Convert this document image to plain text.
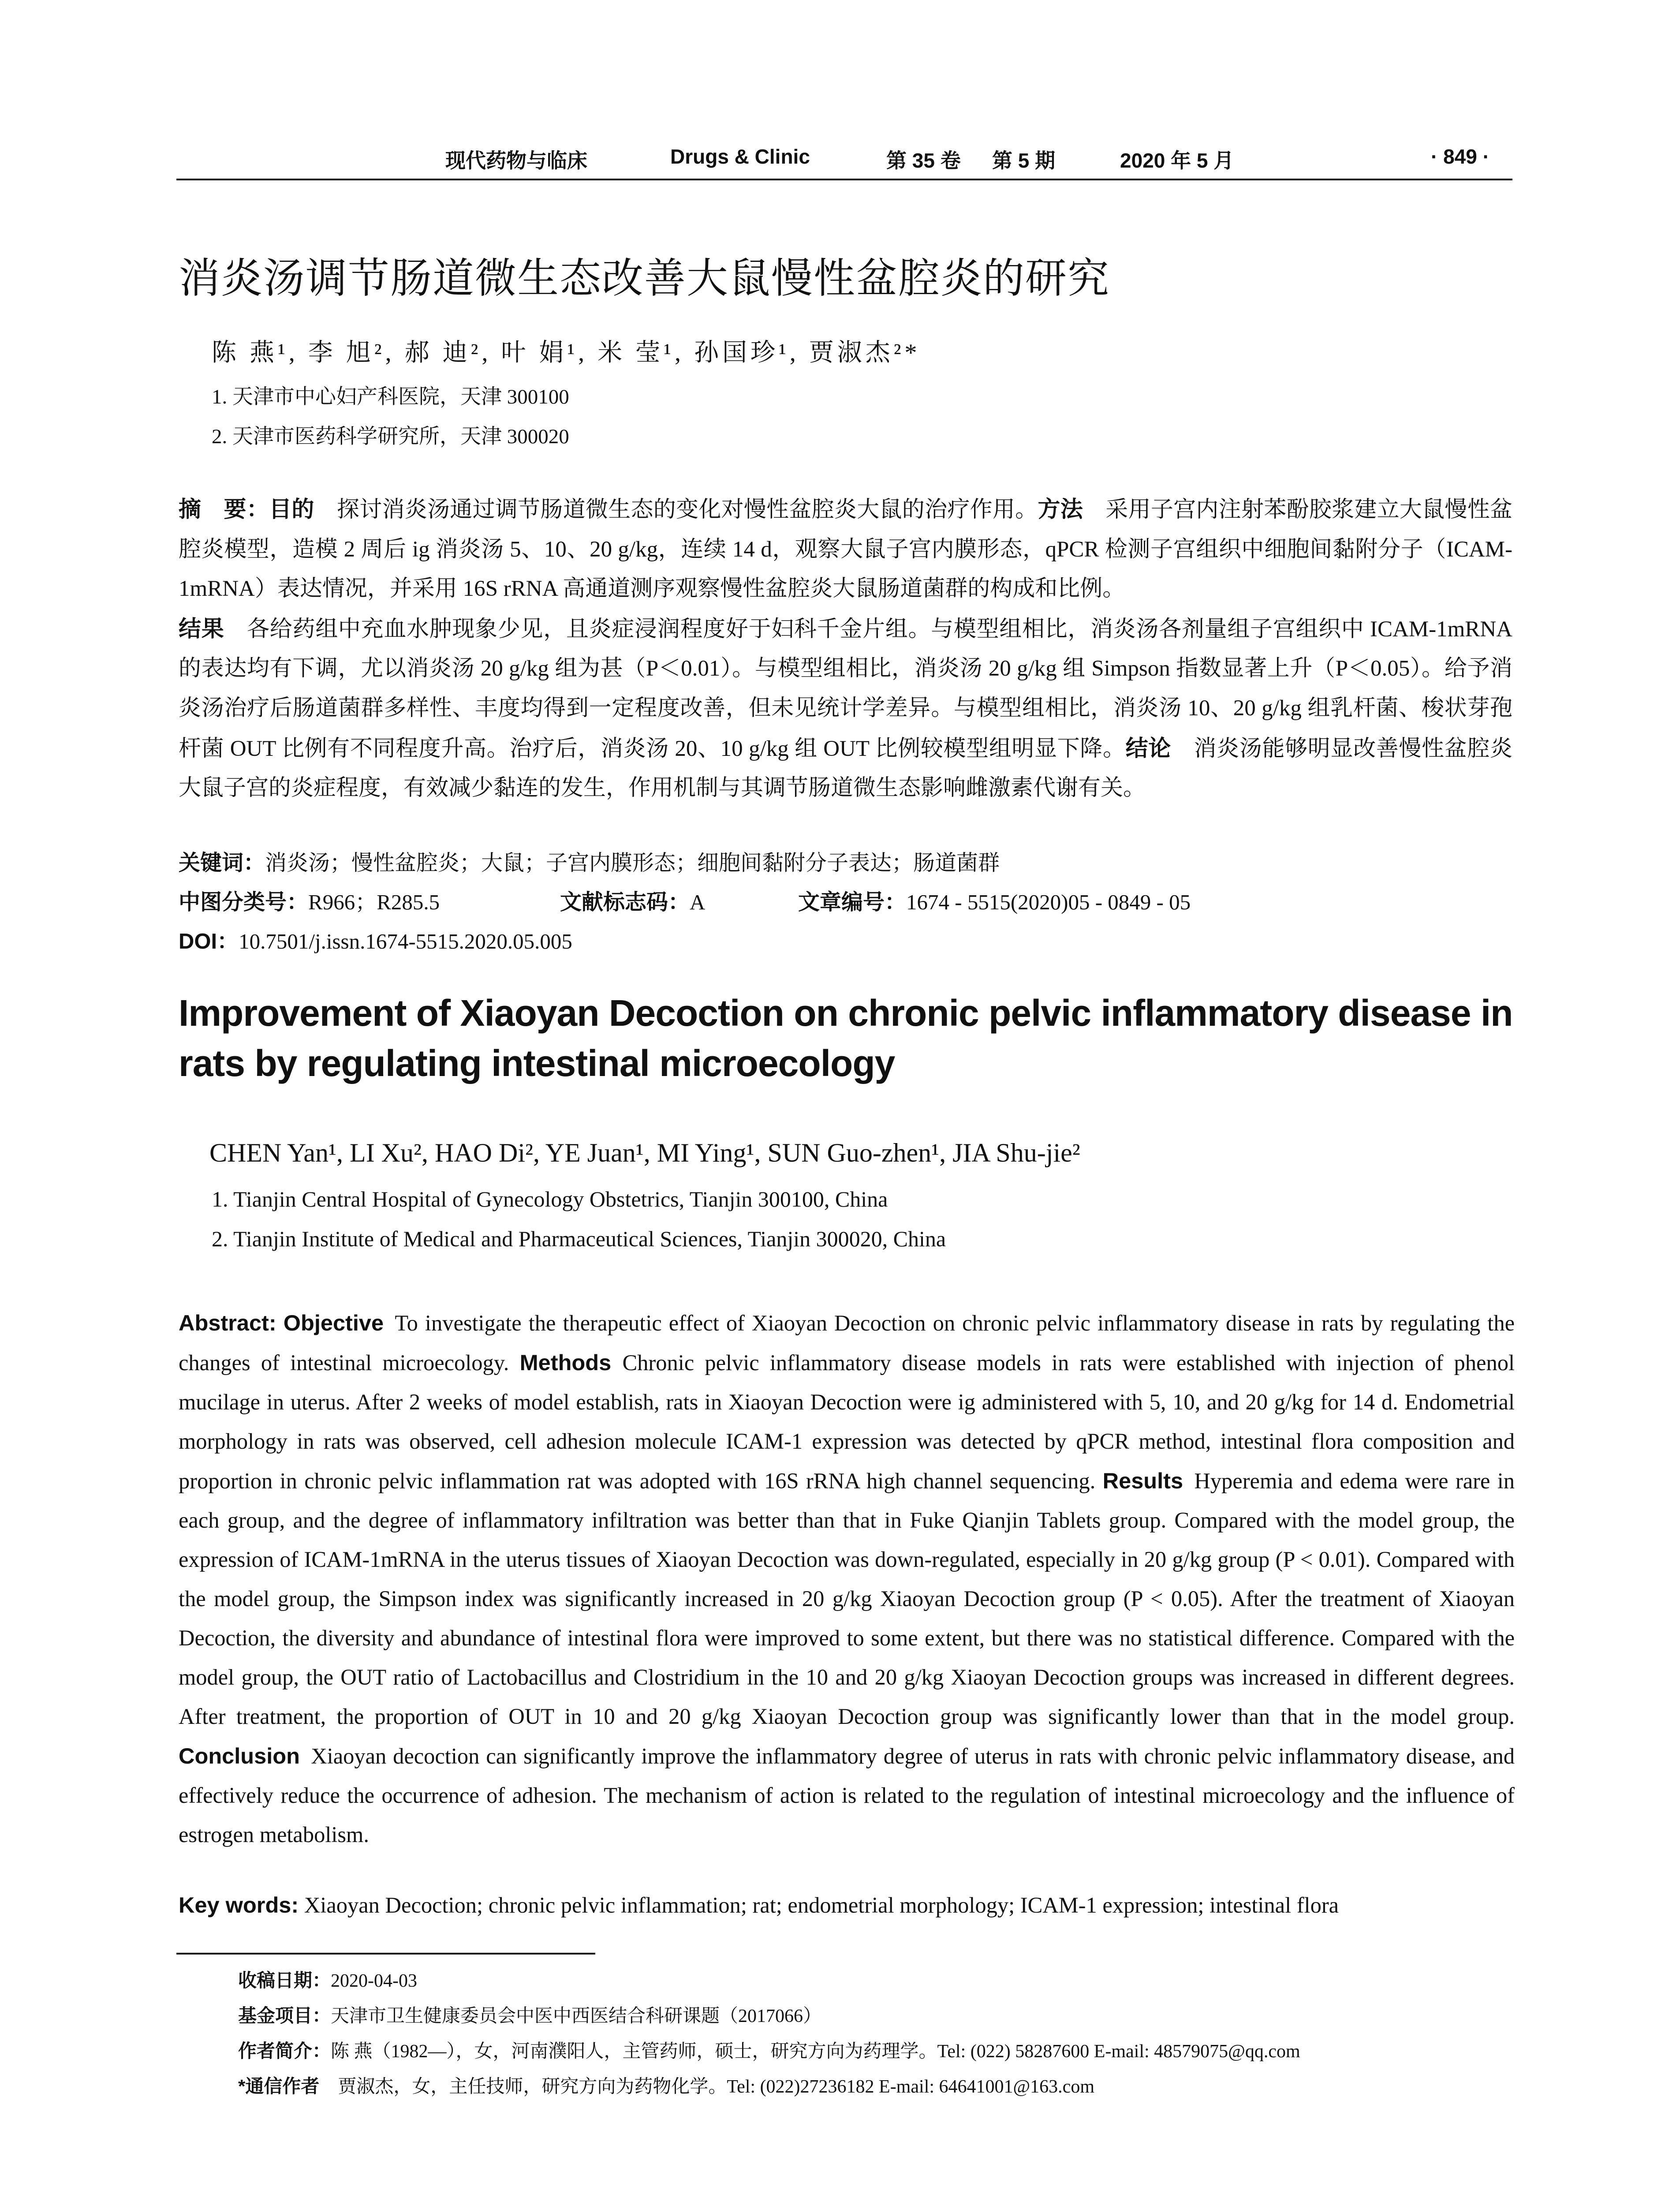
现代药物与临床	Drugs & Clinic	第 35 卷 第 5 期	2020 年 5 月	· 849 ·
消炎汤调节肠道微生态改善大鼠慢性盆腔炎的研究
陈 燕¹, 李 旭², 郝 迪², 叶 娟¹, 米 莹¹, 孙国珍¹, 贾淑杰²*
1. 天津市中心妇产科医院，天津 300100
2. 天津市医药科学研究所，天津 300020
摘　要：目的  探讨消炎汤通过调节肠道微生态的变化对慢性盆腔炎大鼠的治疗作用。方法  采用子宫内注射苯酚胶浆建立大鼠慢性盆腔炎模型，造模 2 周后 ig 消炎汤 5、10、20 g/kg，连续 14 d，观察大鼠子宫内膜形态，qPCR 检测子宫组织中细胞间黏附分子（ICAM-1mRNA）表达情况，并采用 16S rRNA 高通道测序观察慢性盆腔炎大鼠肠道菌群的构成和比例。
结果  各给药组中充血水肿现象少见，且炎症浸润程度好于妇科千金片组。与模型组相比，消炎汤各剂量组子宫组织中 ICAM-1mRNA 的表达均有下调，尤以消炎汤 20 g/kg 组为甚（P＜0.01）。与模型组相比，消炎汤 20 g/kg 组 Simpson 指数显著上升（P＜0.05）。给予消炎汤治疗后肠道菌群多样性、丰度均得到一定程度改善，但未见统计学差异。与模型组相比，消炎汤 10、20 g/kg 组乳杆菌、梭状芽孢杆菌 OUT 比例有不同程度升高。治疗后，消炎汤 20、10 g/kg 组 OUT 比例较模型组明显下降。结论  消炎汤能够明显改善慢性盆腔炎大鼠子宫的炎症程度，有效减少黏连的发生，作用机制与其调节肠道微生态影响雌激素代谢有关。
关键词：消炎汤；慢性盆腔炎；大鼠；子宫内膜形态；细胞间黏附分子表达；肠道菌群
中图分类号：R966；R285.5	文献标志码：A	文章编号：1674 - 5515(2020)05 - 0849 - 05
DOI：10.7501/j.issn.1674-5515.2020.05.005
Improvement of Xiaoyan Decoction on chronic pelvic inflammatory disease in rats by regulating intestinal microecology
CHEN Yan¹, LI Xu², HAO Di², YE Juan¹, MI Ying¹, SUN Guo-zhen¹, JIA Shu-jie²
1. Tianjin Central Hospital of Gynecology Obstetrics, Tianjin 300100, China
2. Tianjin Institute of Medical and Pharmaceutical Sciences, Tianjin 300020, China
Abstract: Objective  To investigate the therapeutic effect of Xiaoyan Decoction on chronic pelvic inflammatory disease in rats by regulating the changes of intestinal microecology. Methods  Chronic pelvic inflammatory disease models in rats were established with injection of phenol mucilage in uterus. After 2 weeks of model establish, rats in Xiaoyan Decoction were ig administered with 5, 10, and 20 g/kg for 14 d. Endometrial morphology in rats was observed, cell adhesion molecule ICAM-1 expression was detected by qPCR method, intestinal flora composition and proportion in chronic pelvic inflammation rat was adopted with 16S rRNA high channel sequencing. Results  Hyperemia and edema were rare in each group, and the degree of inflammatory infiltration was better than that in Fuke Qianjin Tablets group. Compared with the model group, the expression of ICAM-1mRNA in the uterus tissues of Xiaoyan Decoction was down-regulated, especially in 20 g/kg group (P < 0.01). Compared with the model group, the Simpson index was significantly increased in 20 g/kg Xiaoyan Decoction group (P < 0.05). After the treatment of Xiaoyan Decoction, the diversity and abundance of intestinal flora were improved to some extent, but there was no statistical difference. Compared with the model group, the OUT ratio of Lactobacillus and Clostridium in the 10 and 20 g/kg Xiaoyan Decoction groups was increased in different degrees. After treatment, the proportion of OUT in 10 and 20 g/kg Xiaoyan Decoction group was significantly lower than that in the model group. Conclusion  Xiaoyan decoction can significantly improve the inflammatory degree of uterus in rats with chronic pelvic inflammatory disease, and effectively reduce the occurrence of adhesion. The mechanism of action is related to the regulation of intestinal microecology and the influence of estrogen metabolism.
Key words: Xiaoyan Decoction; chronic pelvic inflammation; rat; endometrial morphology; ICAM-1 expression; intestinal flora
收稿日期：2020-04-03
基金项目：天津市卫生健康委员会中医中西医结合科研课题（2017066）
作者简介：陈 燕（1982—），女，河南濮阳人，主管药师，硕士，研究方向为药理学。Tel: (022) 58287600 E-mail: 48579075@qq.com
*通信作者  贾淑杰，女，主任技师，研究方向为药物化学。Tel: (022)27236182 E-mail: 64641001@163.com
